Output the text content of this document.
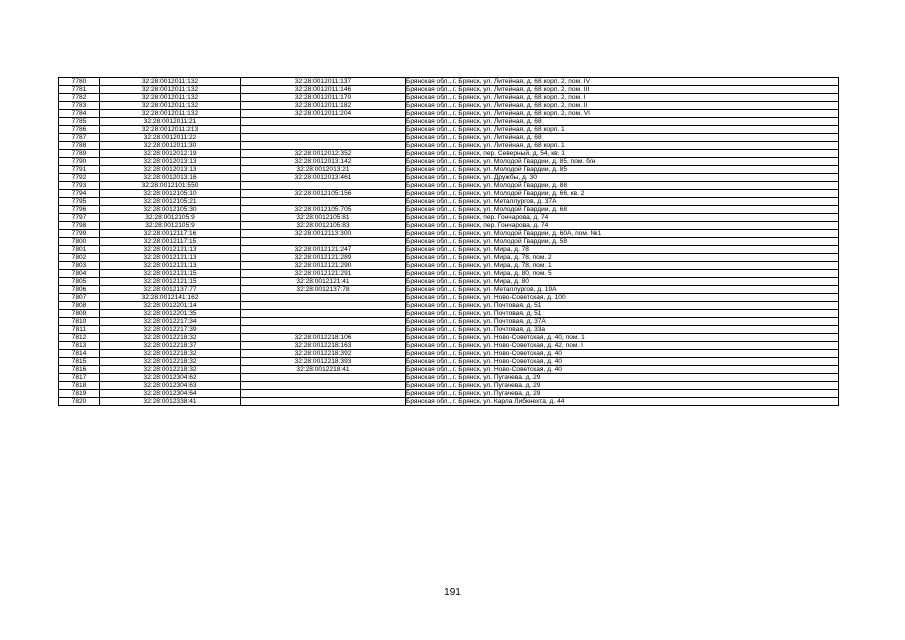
7780	32:28:0012011:132	32:28:0012011:137	Брянская обл., г. Брянск, ул. Литейная, д. 68 корп. 2, пом. IV
7781	32:28:0012011:132	32:28:0012011:146	Брянская обл., г. Брянск, ул. Литейная, д. 68 корп. 2, пом. III
7782	32:28:0012011:132	32:28:0012011:170	Брянская обл., г. Брянск, ул. Литейная, д. 68 корп. 2, пом. I
7783	32:28:0012011:132	32:28:0012011:182	Брянская обл., г. Брянск, ул. Литейная, д. 68 корп. 2, пом. II
7784	32:28:0012011:132	32:28:0012011:204	Брянская обл., г. Брянск, ул. Литейная, д. 68 корп. 2, пом. VI
7785	32:28:0012011:21		Брянская обл., г. Брянск, ул. Литейная, д. 68
7786	32:28:0012011:213		Брянская обл., г. Брянск, ул. Литейная, д. 68 корп. 1
7787	32:28:0012011:22		Брянская обл., г. Брянск, ул. Литейная, д. 68
7788	32:28:0012011:30		Брянская обл., г. Брянск, ул. Литейная, д. 68 корп. 1
7789	32:28:0012012:19	32:28:0012012:352	Брянская обл., г. Брянск, пер. Северный, д. 54, кв. 1
7790	32:28:0012013:13	32:28:0012013:142	Брянская обл., г. Брянск, ул. Молодой Гвардии, д. 85, пом. б/н
7791	32:28:0012013:13	32:28:0012013:21	Брянская обл., г. Брянск, ул. Молодой Гвардии, д. 85
7792	32:28:0012013:16	32:28:0012013:461	Брянская обл., г. Брянск, ул. Дружбы, д. 30
7793	32:28:0012101:550		Брянская обл., г. Брянск, ул. Молодой Гвардии, д. 88
7794	32:28:0012105:10	32:28:0012105:156	Брянская обл., г. Брянск, ул. Молодой Гвардии, д. 66, кв. 2
7795	32:28:0012105:21		Брянская обл., г. Брянск, ул. Металлургов, д. 37А
7796	32:28:0012105:30	32:28:0012105:705	Брянская обл., г. Брянск, ул. Молодой Гвардии, д. 68
7797	32:28:0012105:9	32:28:0012105:81	Брянская обл., г. Брянск, пер. Гончарова, д. 74
7798	32:28:0012105:9	32:28:0012105:83	Брянская обл., г. Брянск, пер. Гончарова, д. 74
7799	32:28:0012117:16	32:28:0012113:300	Брянская обл., г. Брянск, ул. Молодой Гвардии, д. 60А, пом. №1
7800	32:28:0012117:15		Брянская обл., г. Брянск, ул. Молодой Гвардии, д. 58
7801	32:28:0012121:13	32:28:0012121:247	Брянская обл., г. Брянск, ул. Мира, д. 78
7802	32:28:0012121:13	32:28:0012121:289	Брянская обл., г. Брянск, ул. Мира, д. 78, пом. 2
7803	32:28:0012121:13	32:28:0012121:290	Брянская обл., г. Брянск, ул. Мира, д. 78, пом. 1
7804	32:28:0012121:15	32:28:0012121:291	Брянская обл., г. Брянск, ул. Мира, д. 80, пом. 5
7805	32:28:0012121:15	32:28:0012121:41	Брянская обл., г. Брянск, ул. Мира, д. 80
7806	32:28:0012137:77	32:28:0012137:78	Брянская обл., г. Брянск, ул. Металлургов, д. 19А
7807	32:28:0012141:162		Брянская обл., г. Брянск, ул. Ново-Советская, д. 100
7808	32:28:0012201:14		Брянская обл., г. Брянск, ул. Почтовая, д. 51
7809	32:28:0012201:35		Брянская обл., г. Брянск, ул. Почтовая, д. 51
7810	32:28:0012217:34		Брянская обл., г. Брянск, ул. Почтовая, д. 37А
7811	32:28:0012217:39		Брянская обл., г. Брянск, ул. Почтовая, д. 33а
7812	32:28:0012218:32	32:28:0012218:106	Брянская обл., г. Брянск, ул. Ново-Советская, д. 40, пом. 1
7813	32:28:0012218:37	32:28:0012218:163	Брянская обл., г. Брянск, ул. Ново-Советская, д. 42, пом. I
7814	32:28:0012218:32	32:28:0012218:392	Брянская обл., г. Брянск, ул. Ново-Советская, д. 40
7815	32:28:0012218:32	32:28:0012218:393	Брянская обл., г. Брянск, ул. Ново-Советская, д. 40
7816	32:28:0012218:32	32:28:0012218:41	Брянская обл., г. Брянск, ул. Ново-Советская, д. 40
7817	32:28:0012304:62		Брянская обл., г. Брянск, ул. Пугачева, д. 29
7818	32:28:0012304:63		Брянская обл., г. Брянск, ул. Пугачева, д. 29
7819	32:28:0012304:64		Брянская обл., г. Брянск, ул. Пугачева, д. 29
7820	32:28:0012338:41		Брянская обл., г. Брянск, ул. Карла Либкнехта, д. 44
191
